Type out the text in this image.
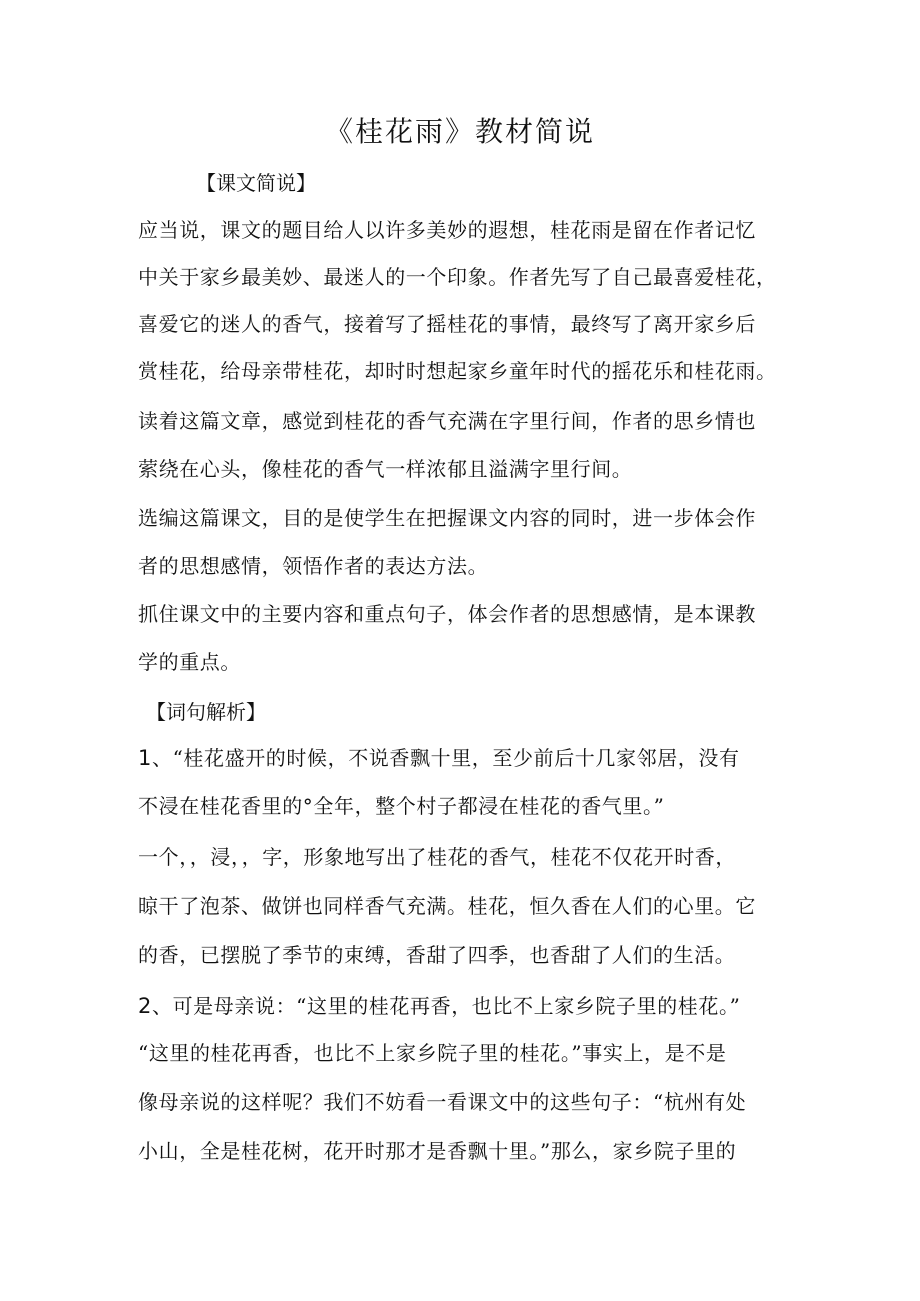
《桂花雨》教材简说
【课文简说】
应当说，课文的题目给人以许多美妙的遐想，桂花雨是留在作者记忆
中关于家乡最美妙、最迷人的一个印象。作者先写了自己最喜爱桂花，
喜爱它的迷人的香气，接着写了摇桂花的事情，最终写了离开家乡后
赏桂花，给母亲带桂花，却时时想起家乡童年时代的摇花乐和桂花雨。
读着这篇文章，感觉到桂花的香气充满在字里行间，作者的思乡情也
萦绕在心头，像桂花的香气一样浓郁且溢满字里行间。
选编这篇课文，目的是使学生在把握课文内容的同时，进一步体会作
者的思想感情，领悟作者的表达方法。
抓住课文中的主要内容和重点句子，体会作者的思想感情，是本课教
学的重点。
【词句解析】
1、“桂花盛开的时候，不说香飘十里，至少前后十几家邻居，没有
不浸在桂花香里的°全年，整个村子都浸在桂花的香气里。”
一个，，浸，，字，形象地写出了桂花的香气，桂花不仅花开时香，
晾干了泡茶、做饼也同样香气充满。桂花，恒久香在人们的心里。它
的香，已摆脱了季节的束缚，香甜了四季，也香甜了人们的生活。
2、可是母亲说：“这里的桂花再香，也比不上家乡院子里的桂花。”
“这里的桂花再香，也比不上家乡院子里的桂花。”事实上，是不是
像母亲说的这样呢？我们不妨看一看课文中的这些句子：“杭州有处
小山，全是桂花树，花开时那才是香飘十里。”那么，家乡院子里的
